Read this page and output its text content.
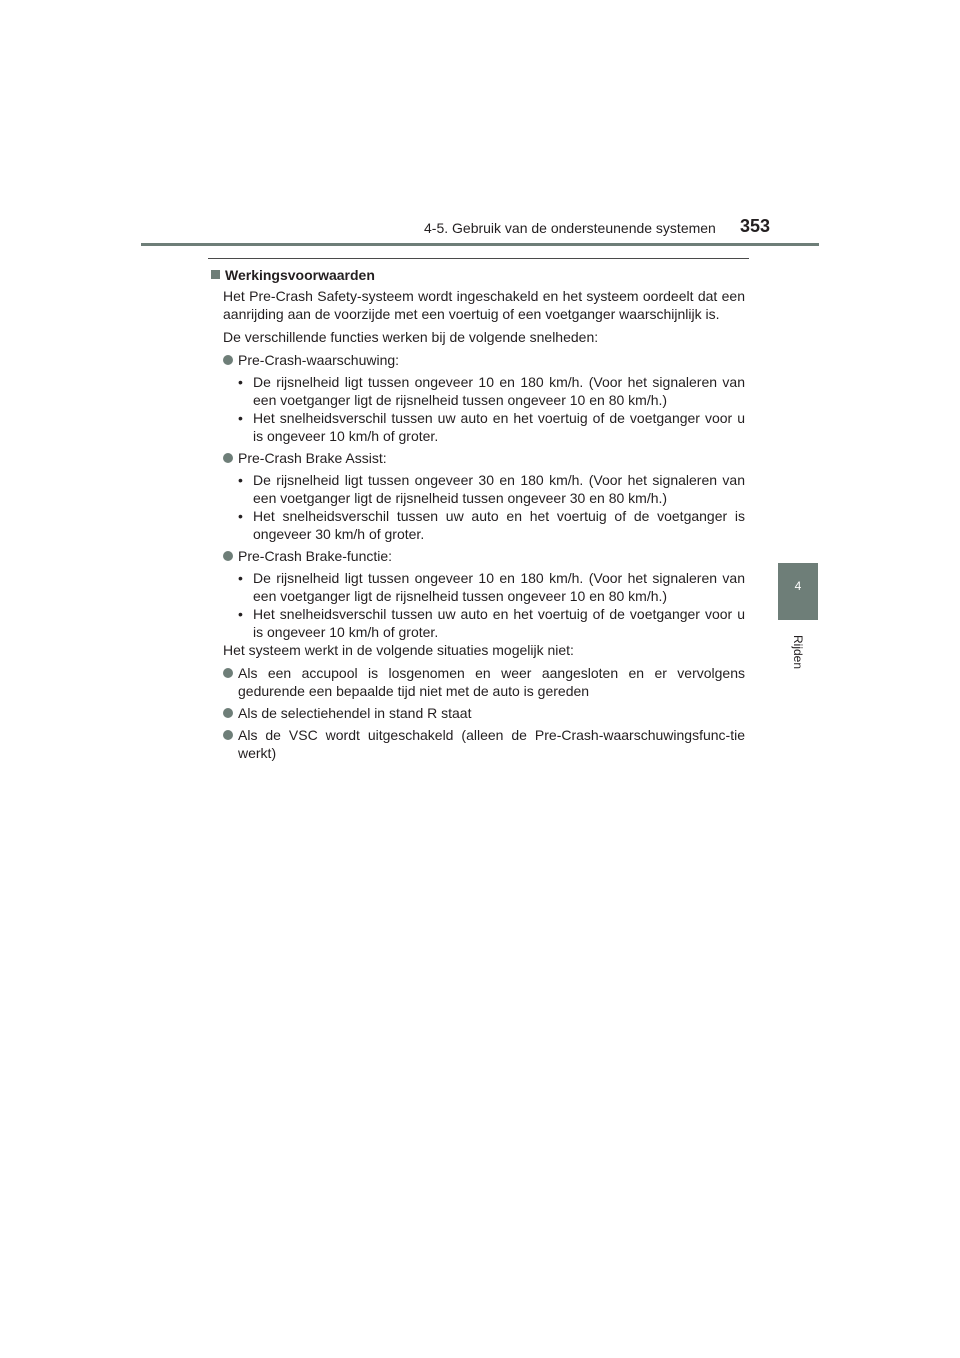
4-5. Gebruik van de ondersteunende systemen 353
4
Rijden
Werkingsvoorwaarden

Het Pre-Crash Safety-systeem wordt ingeschakeld en het systeem oordeelt dat een aanrijding aan de voorzijde met een voertuig of een voetganger waarschijnlijk is.

De verschillende functies werken bij de volgende snelheden:

Pre-Crash-waarschuwing:
• De rijsnelheid ligt tussen ongeveer 10 en 180 km/h. (Voor het signaleren van een voetganger ligt de rijsnelheid tussen ongeveer 10 en 80 km/h.)
• Het snelheidsverschil tussen uw auto en het voertuig of de voetganger voor u is ongeveer 10 km/h of groter.
Pre-Crash Brake Assist:
• De rijsnelheid ligt tussen ongeveer 30 en 180 km/h. (Voor het signaleren van een voetganger ligt de rijsnelheid tussen ongeveer 30 en 80 km/h.)
• Het snelheidsverschil tussen uw auto en het voertuig of de voetganger is ongeveer 30 km/h of groter.
Pre-Crash Brake-functie:
• De rijsnelheid ligt tussen ongeveer 10 en 180 km/h. (Voor het signaleren van een voetganger ligt de rijsnelheid tussen ongeveer 10 en 80 km/h.)
• Het snelheidsverschil tussen uw auto en het voertuig of de voetganger voor u is ongeveer 10 km/h of groter.

Het systeem werkt in de volgende situaties mogelijk niet:

Als een accupool is losgenomen en weer aangesloten en er vervolgens gedurende een bepaalde tijd niet met de auto is gereden
Als de selectiehendel in stand R staat
Als de VSC wordt uitgeschakeld (alleen de Pre-Crash-waarschuwingsfunc-tie werkt)
